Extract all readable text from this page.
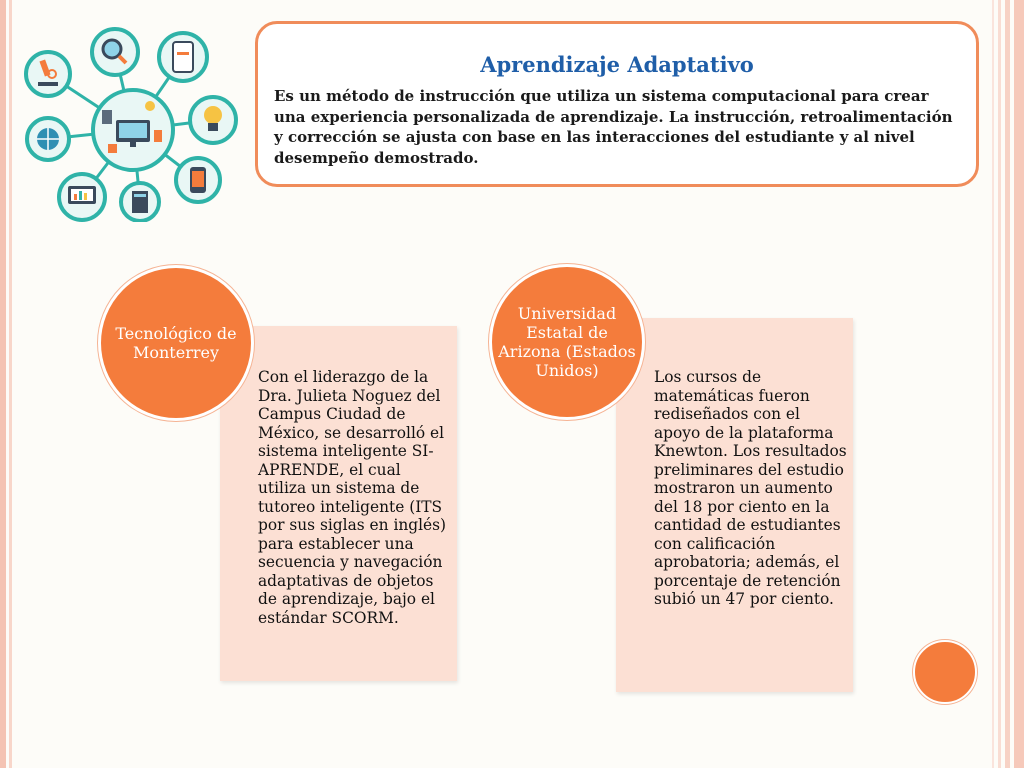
Aprendizaje Adaptativo

Es un método de instrucción que utiliza un sistema computacional para crear una experiencia personalizada de aprendizaje. La instrucción, retroalimentación y corrección se ajusta con base en las interacciones del estudiante y al nivel desempeño demostrado.

Con el liderazgo de la Dra. Julieta Noguez del Campus Ciudad de México, se desarrolló el sistema inteligente SI-APRENDE, el cual utiliza un sistema de tutoreo inteligente (ITS por sus siglas en inglés) para establecer una secuencia y navegación adaptativas de objetos de aprendizaje, bajo el estándar SCORM.

Tecnológico de Monterrey

Los cursos de matemáticas fueron rediseñados con el apoyo de la plataforma Knewton. Los resultados preliminares del estudio mostraron un aumento del 18 por ciento en la cantidad de estudiantes con calificación aprobatoria; además, el porcentaje de retención subió un 47 por ciento.

Universidad Estatal de Arizona (Estados Unidos)
